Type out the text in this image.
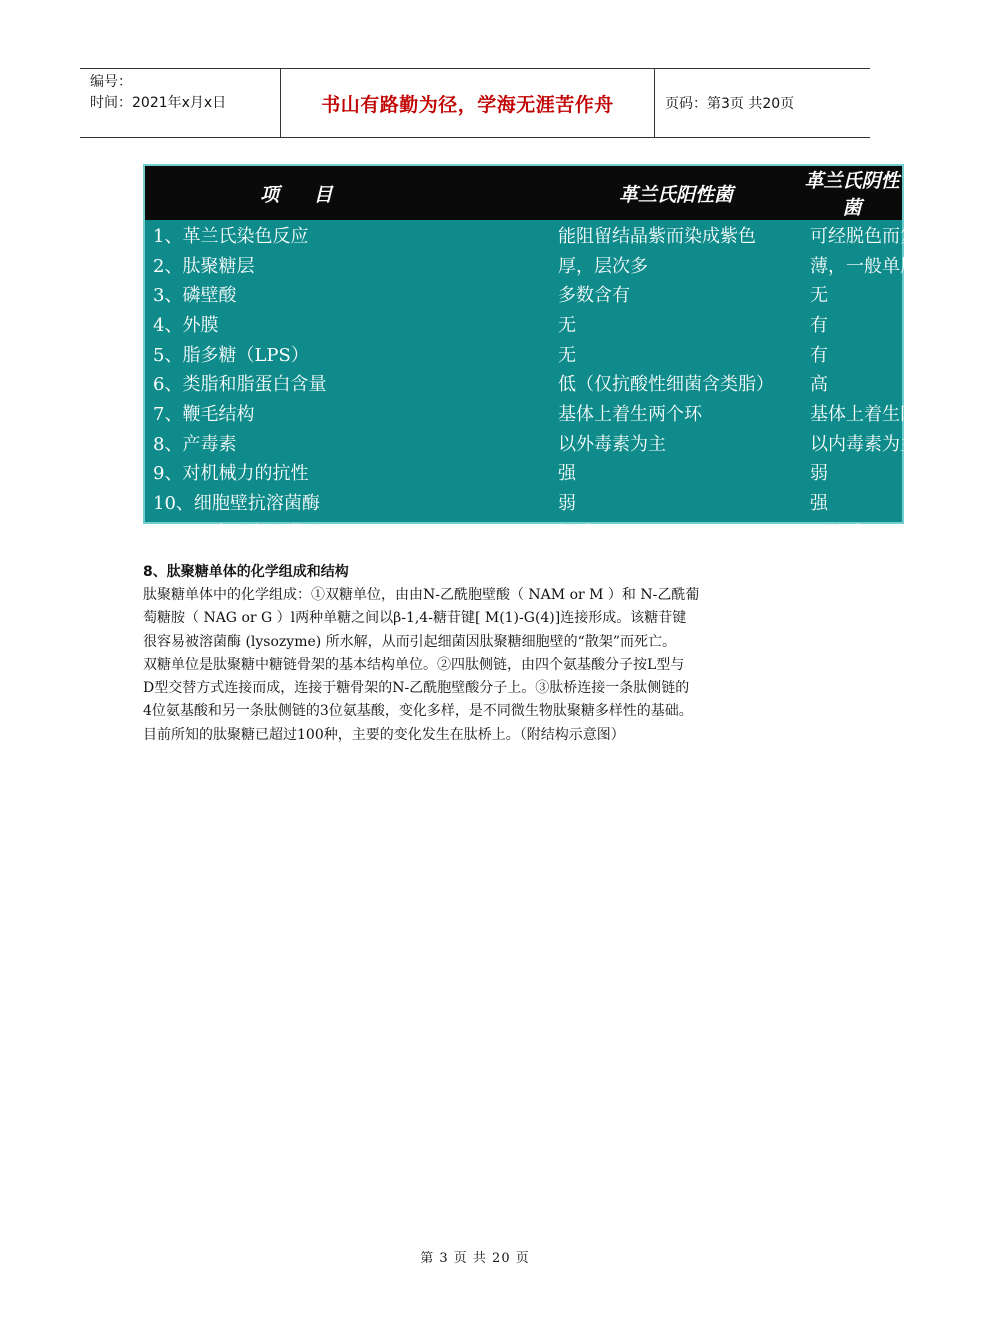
编号：
时间：2021年x月x日	书山有路勤为径，学海无涯苦作舟	页码：第3页 共20页
项 目	革兰氏阳性菌	革兰氏阴性菌
1、革兰氏染色反应	能阻留结晶紫而染成紫色	可经脱色而复染成红色
2、肽聚糖层	厚，层次多	薄，一般单层
3、磷壁酸	多数含有	无
4、外膜	无	有
5、脂多糖（LPS）	无	有
6、类脂和脂蛋白含量	低（仅抗酸性细菌含类脂）	高
7、鞭毛结构	基体上着生两个环	基体上着生四个环
8、产毒素	以外毒素为主	以内毒素为主
9、对机械力的抗性	强	弱
10、细胞壁抗溶菌酶	弱	强
11、对青霉素和磺胺	敏感	不敏感
8、肽聚糖单体的化学组成和结构

肽聚糖单体中的化学组成：①双糖单位，由由N-乙酰胞壁酸（ NAM or M ）和 N-乙酰葡

萄糖胺（ NAG or G ）l两种单糖之间以β-1,4-糖苷键[ M(1)-G(4)]连接形成。该糖苷键

很容易被溶菌酶 (lysozyme) 所水解，从而引起细菌因肽聚糖细胞壁的“散架”而死亡。

双糖单位是肽聚糖中糖链骨架的基本结构单位。②四肽侧链，由四个氨基酸分子按L型与

D型交替方式连接而成，连接于糖骨架的N-乙酰胞壁酸分子上。③肽桥连接一条肽侧链的

4位氨基酸和另一条肽侧链的3位氨基酸，变化多样，是不同微生物肽聚糖多样性的基础。

目前所知的肽聚糖已超过100种，主要的变化发生在肽桥上。（附结构示意图）

第 3 页 共 20 页
